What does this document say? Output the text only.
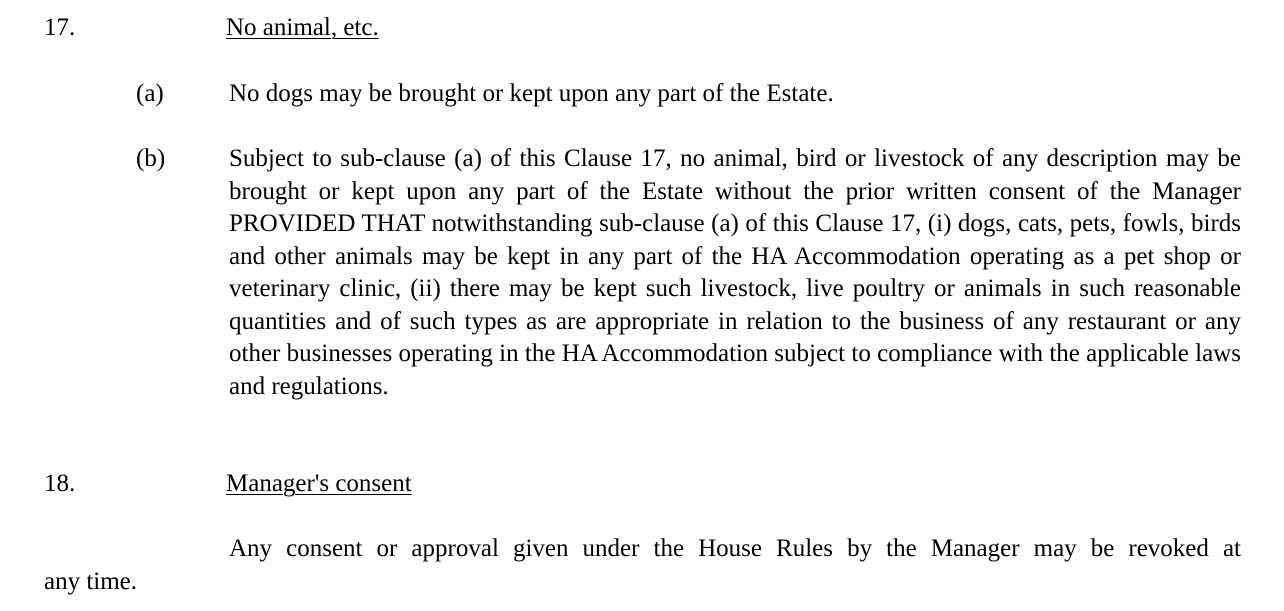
17.	No animal, etc.
(a)	No dogs may be brought or kept upon any part of the Estate.
(b)	Subject to sub-clause (a) of this Clause 17, no animal, bird or livestock of any description may be brought or kept upon any part of the Estate without the prior written consent of the Manager PROVIDED THAT notwithstanding sub-clause (a) of this Clause 17, (i) dogs, cats, pets, fowls, birds and other animals may be kept in any part of the HA Accommodation operating as a pet shop or veterinary clinic, (ii) there may be kept such livestock, live poultry or animals in such reasonable quantities and of such types as are appropriate in relation to the business of any restaurant or any other businesses operating in the HA Accommodation subject to compliance with the applicable laws and regulations.
18.	Manager's consent
Any consent or approval given under the House Rules by the Manager may be revoked at
any time.
